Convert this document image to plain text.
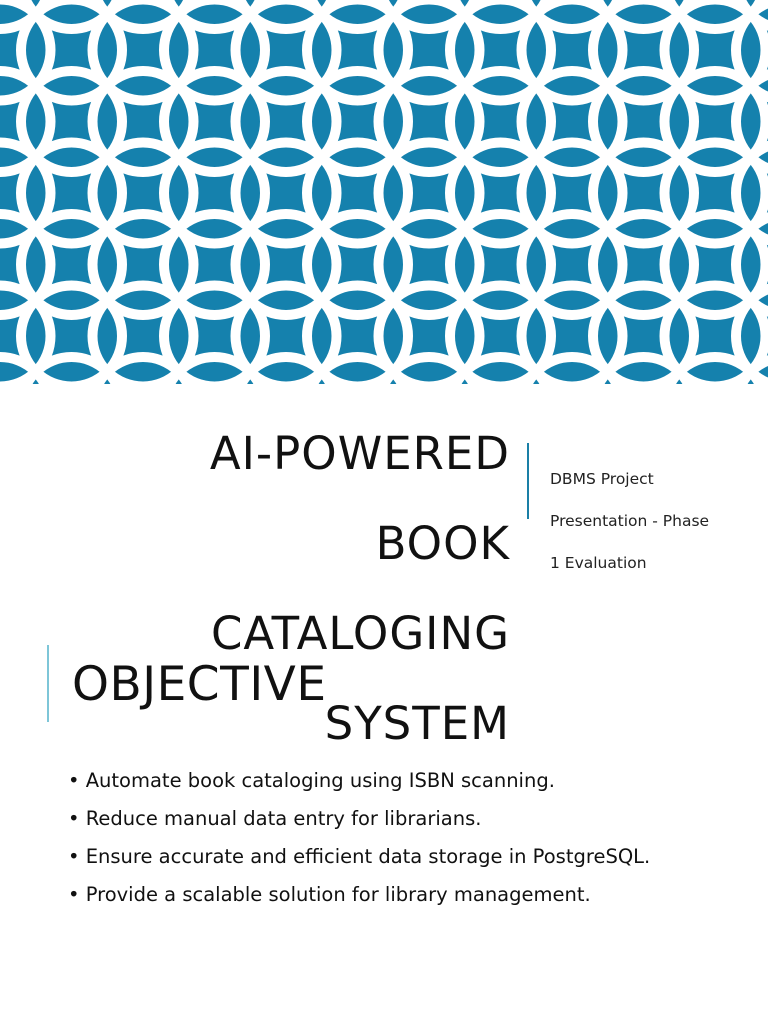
AI-POWERED

BOOK

CATALOGING

SYSTEM

DBMS Project

Presentation - Phase

1 Evaluation

OBJECTIVE
• Automate book cataloging using ISBN scanning.
• Reduce manual data entry for librarians.
• Ensure accurate and efficient data storage in PostgreSQL.
• Provide a scalable solution for library management.
